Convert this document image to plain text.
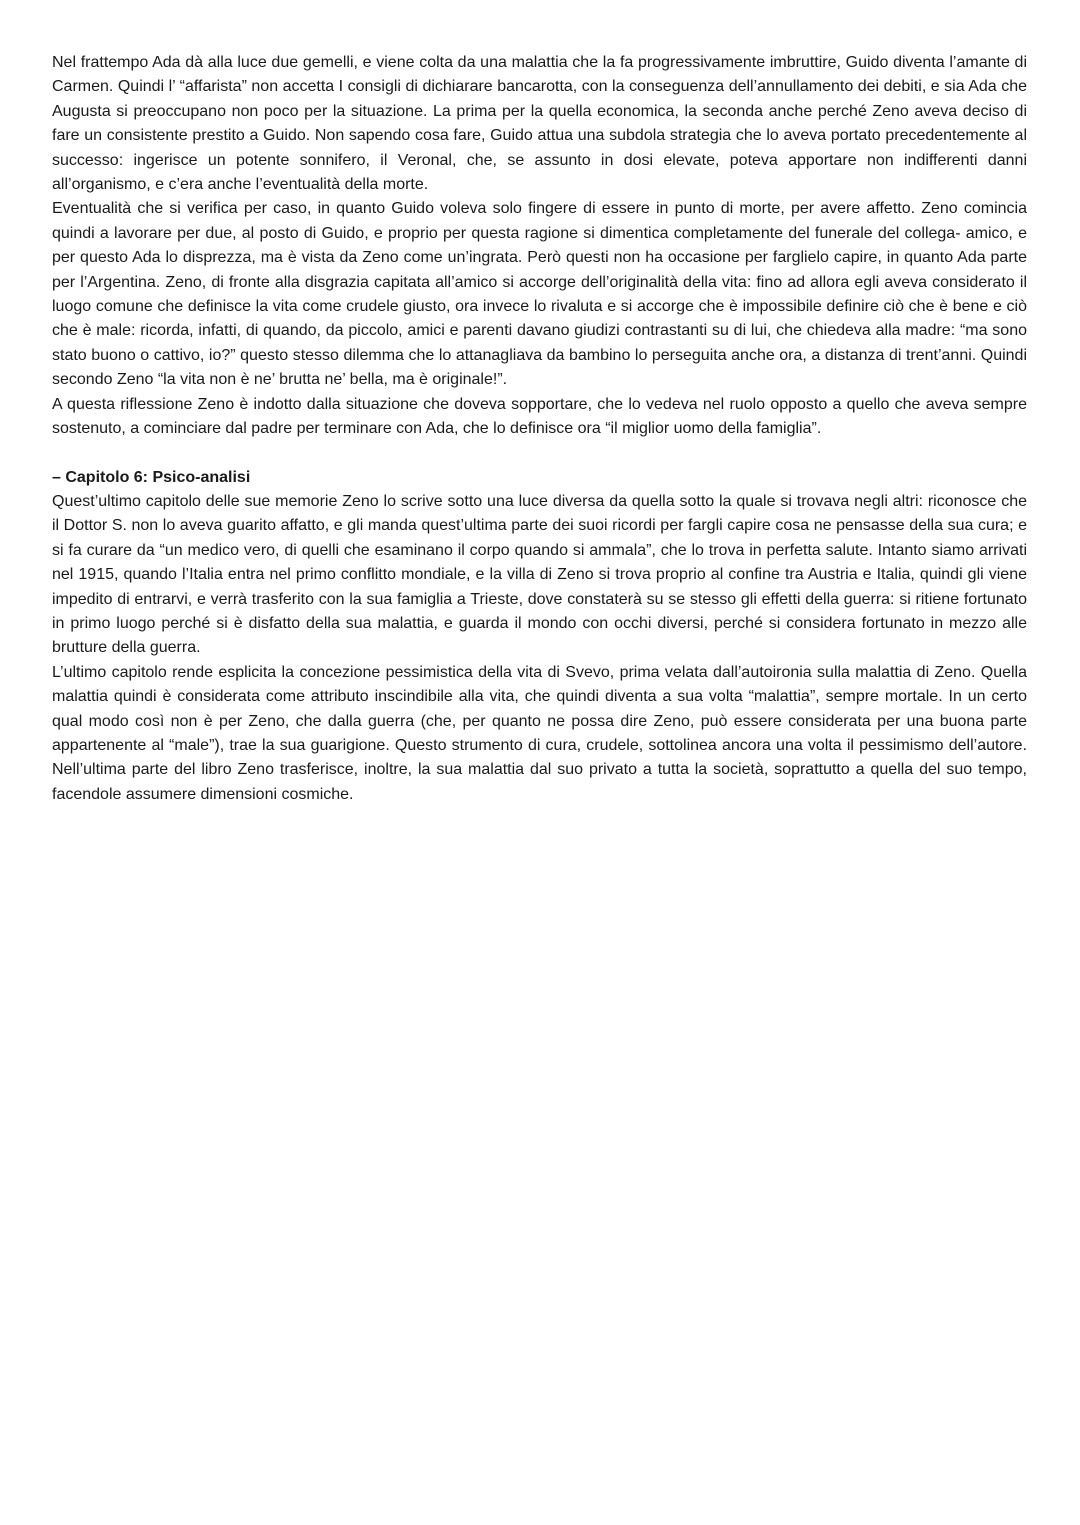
Nel frattempo Ada dà alla luce due gemelli, e viene colta da una malattia che la fa progressivamente imbruttire, Guido diventa l’amante di Carmen. Quindi l’ “affarista” non accetta I consigli di dichiarare bancarotta, con la conseguenza dell’annullamento dei debiti, e sia Ada che Augusta si preoccupano non poco per la situazione. La prima per la quella economica, la seconda anche perché Zeno aveva deciso di fare un consistente prestito a Guido. Non sapendo cosa fare, Guido attua una subdola strategia che lo aveva portato precedentemente al successo: ingerisce un potente sonnifero, il Veronal, che, se assunto in dosi elevate, poteva apportare non indifferenti danni all’organismo, e c’era anche l’eventualità della morte.

Eventualità che si verifica per caso, in quanto Guido voleva solo fingere di essere in punto di morte, per avere affetto. Zeno comincia quindi a lavorare per due, al posto di Guido, e proprio per questa ragione si dimentica completamente del funerale del collega- amico, e per questo Ada lo disprezza, ma è vista da Zeno come un’ingrata. Però questi non ha occasione per farglielo capire, in quanto Ada parte per l’Argentina. Zeno, di fronte alla disgrazia capitata all’amico si accorge dell’originalità della vita: fino ad allora egli aveva considerato il luogo comune che definisce la vita come crudele giusto, ora invece lo rivaluta e si accorge che è impossibile definire ciò che è bene e ciò che è male: ricorda, infatti, di quando, da piccolo, amici e parenti davano giudizi contrastanti su di lui, che chiedeva alla madre: “ma sono stato buono o cattivo, io?” questo stesso dilemma che lo attanagliava da bambino lo perseguita anche ora, a distanza di trent’anni. Quindi secondo Zeno “la vita non è ne’ brutta ne’ bella, ma è originale!”.

A questa riflessione Zeno è indotto dalla situazione che doveva sopportare, che lo vedeva nel ruolo opposto a quello che aveva sempre sostenuto, a cominciare dal padre per terminare con Ada, che lo definisce ora “il miglior uomo della famiglia”.

– Capitolo 6: Psico-analisi

Quest’ultimo capitolo delle sue memorie Zeno lo scrive sotto una luce diversa da quella sotto la quale si trovava negli altri: riconosce che il Dottor S. non lo aveva guarito affatto, e gli manda quest’ultima parte dei suoi ricordi per fargli capire cosa ne pensasse della sua cura; e si fa curare da “un medico vero, di quelli che esaminano il corpo quando si ammala”, che lo trova in perfetta salute. Intanto siamo arrivati nel 1915, quando l’Italia entra nel primo conflitto mondiale, e la villa di Zeno si trova proprio al confine tra Austria e Italia, quindi gli viene impedito di entrarvi, e verrà trasferito con la sua famiglia a Trieste, dove constaterà su se stesso gli effetti della guerra: si ritiene fortunato in primo luogo perché si è disfatto della sua malattia, e guarda il mondo con occhi diversi, perché si considera fortunato in mezzo alle brutture della guerra.

L’ultimo capitolo rende esplicita la concezione pessimistica della vita di Svevo, prima velata dall’autoironia sulla malattia di Zeno. Quella malattia quindi è considerata come attributo inscindibile alla vita, che quindi diventa a sua volta “malattia”, sempre mortale. In un certo qual modo così non è per Zeno, che dalla guerra (che, per quanto ne possa dire Zeno, può essere considerata per una buona parte appartenente al “male”), trae la sua guarigione. Questo strumento di cura, crudele, sottolinea ancora una volta il pessimismo dell’autore. Nell’ultima parte del libro Zeno trasferisce, inoltre, la sua malattia dal suo privato a tutta la società, soprattutto a quella del suo tempo, facendole assumere dimensioni cosmiche.
